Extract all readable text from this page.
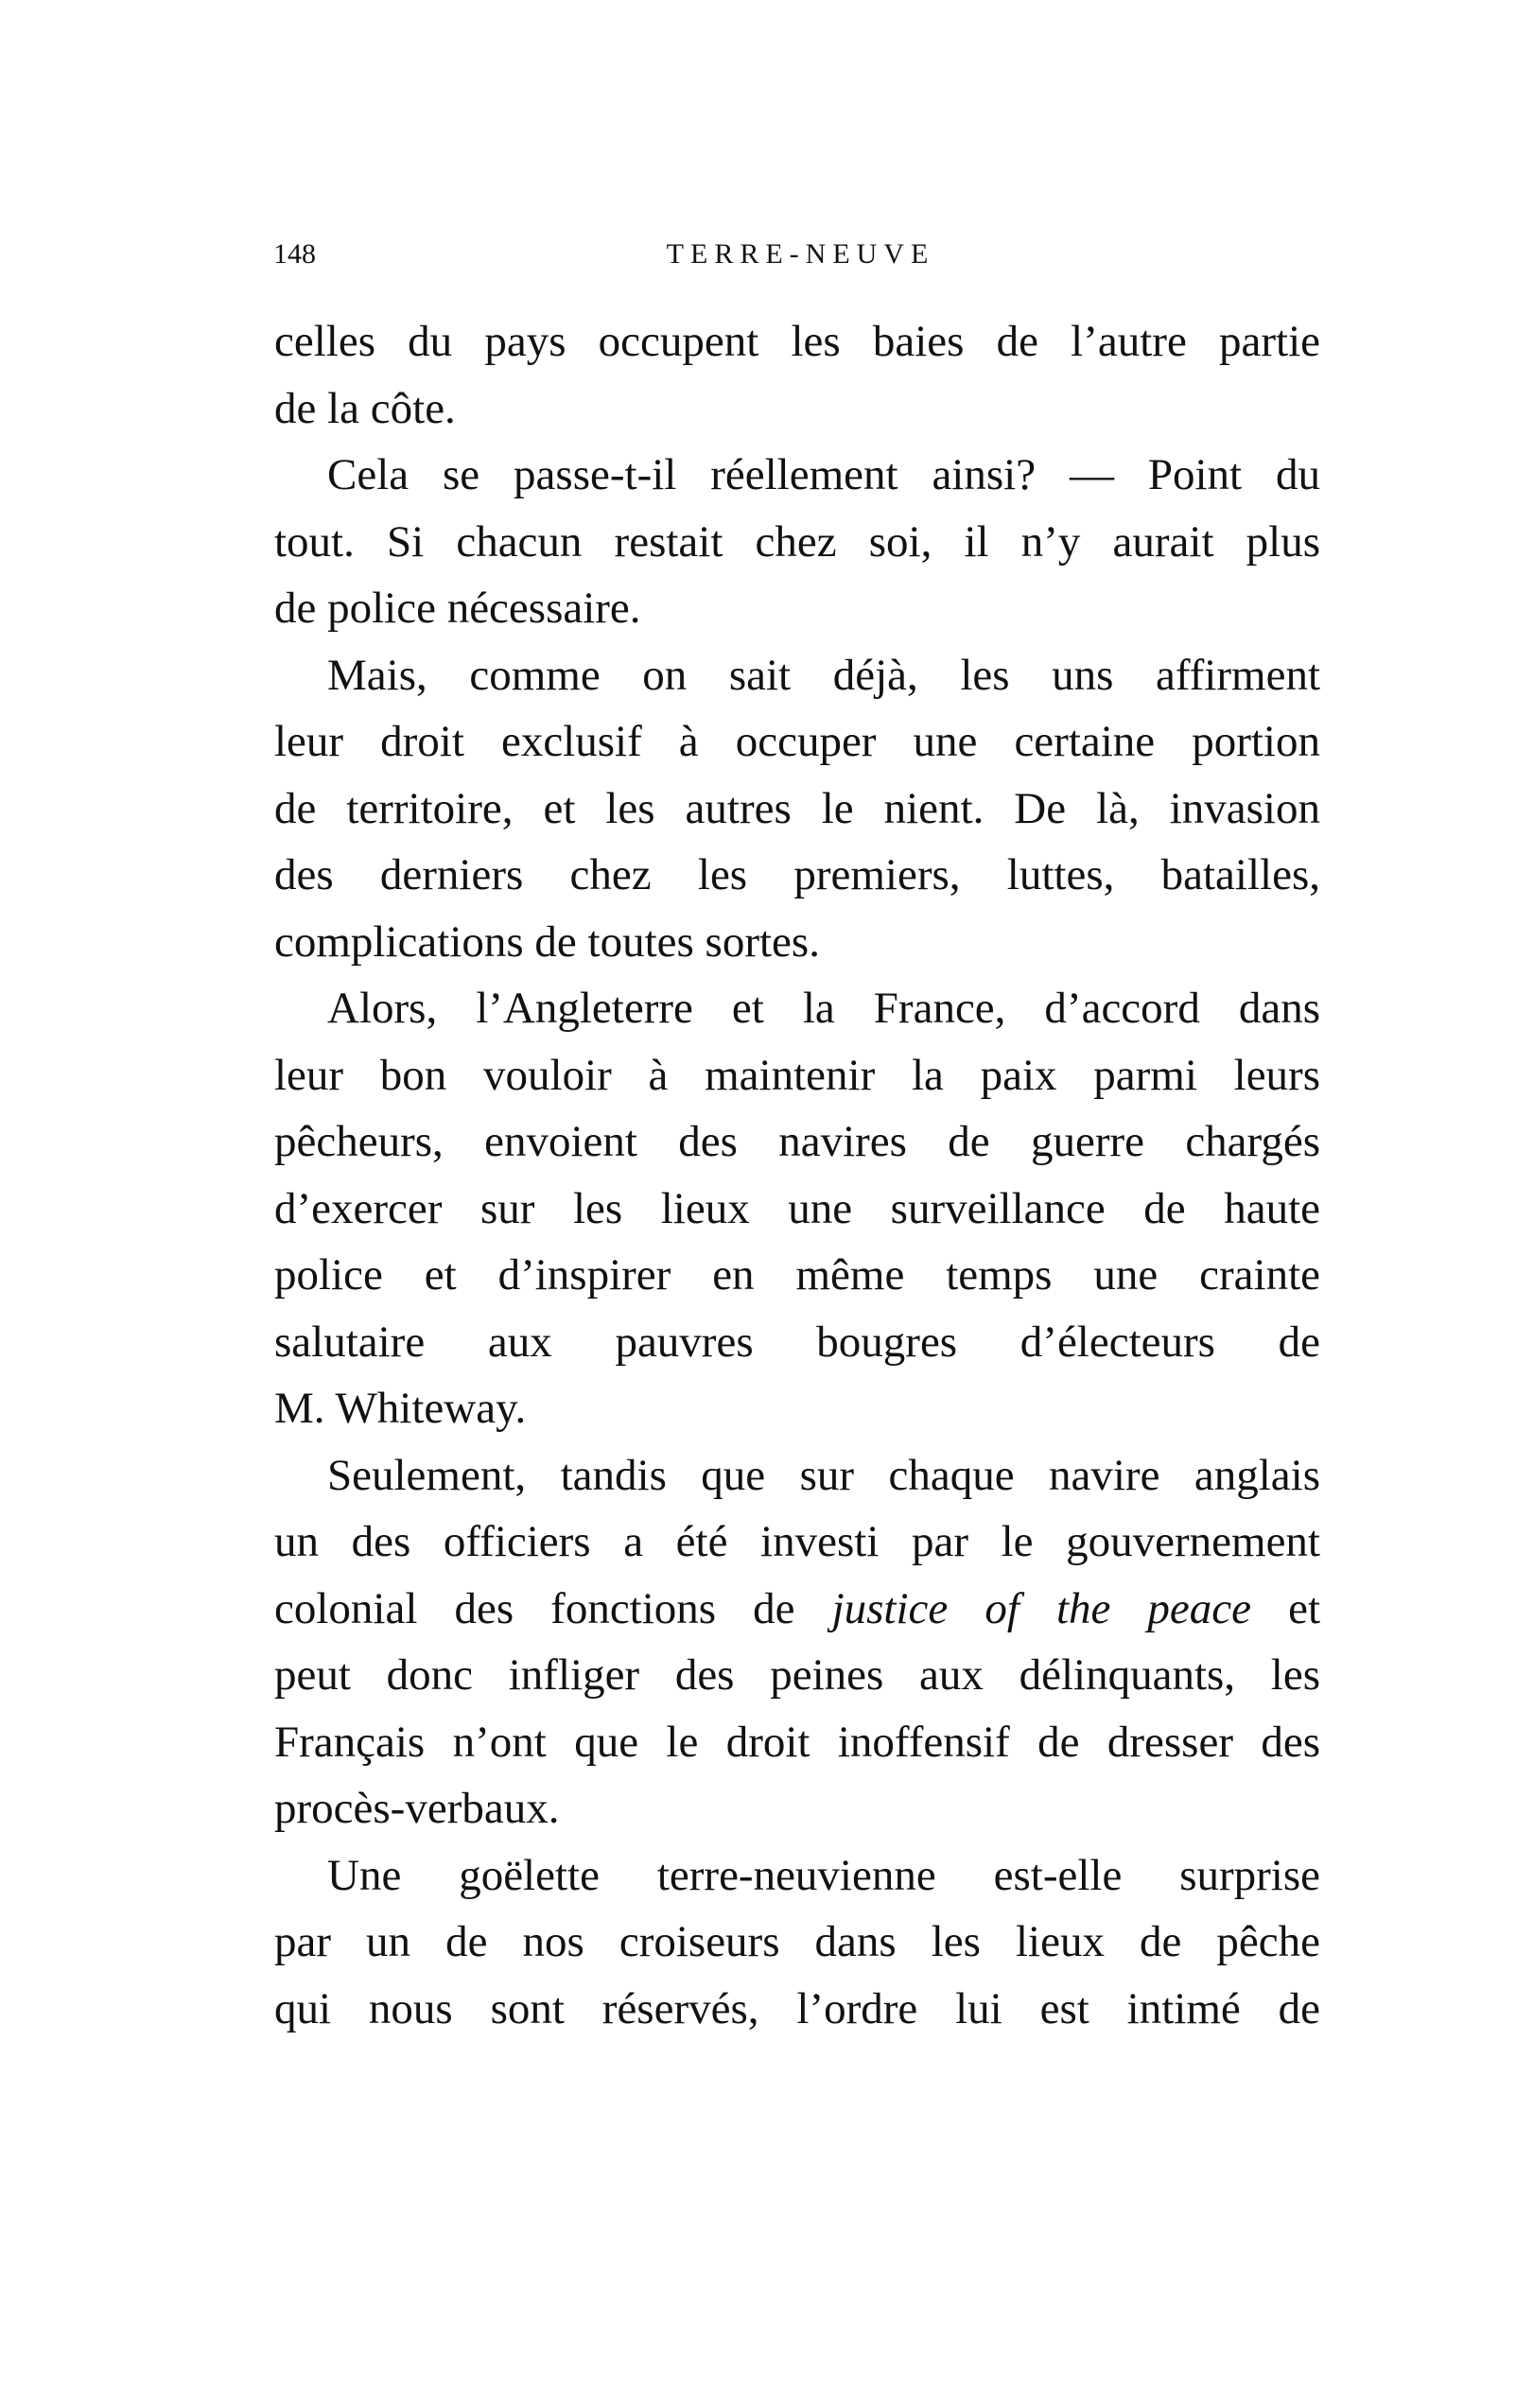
148	TERRE-NEUVE
celles du pays occupent les baies de l’autre partie
de la côte.
Cela se passe-t-il réellement ainsi? — Point du
tout. Si chacun restait chez soi, il n’y aurait plus
de police nécessaire.
Mais, comme on sait déjà, les uns affirment
leur droit exclusif à occuper une certaine portion
de territoire, et les autres le nient. De là, invasion
des derniers chez les premiers, luttes, batailles,
complications de toutes sortes.
Alors, l’Angleterre et la France, d’accord dans
leur bon vouloir à maintenir la paix parmi leurs
pêcheurs, envoient des navires de guerre chargés
d’exercer sur les lieux une surveillance de haute
police et d’inspirer en même temps une crainte
salutaire aux pauvres bougres d’électeurs de
M. Whiteway.
Seulement, tandis que sur chaque navire anglais
un des officiers a été investi par le gouvernement
colonial des fonctions de justice of the peace et
peut donc infliger des peines aux délinquants, les
Français n’ont que le droit inoffensif de dresser des
procès-verbaux.
Une goëlette terre-neuvienne est-elle surprise
par un de nos croiseurs dans les lieux de pêche
qui nous sont réservés, l’ordre lui est intimé de
